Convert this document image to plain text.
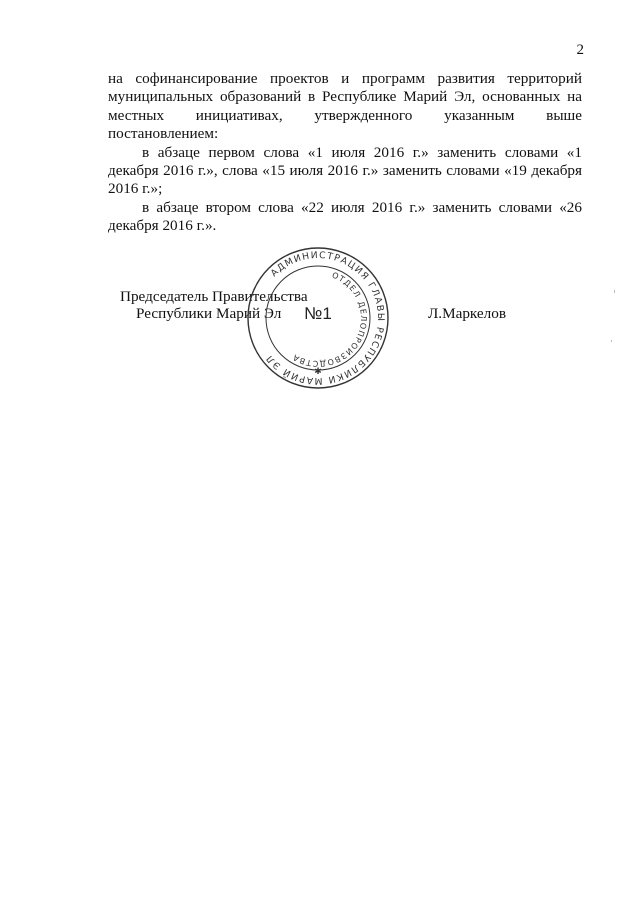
2

на софинансирование проектов и программ развития территорий муниципальных образований в Республике Марий Эл, основанных на местных инициативах, утвержденного указанным выше постановлением:

в абзаце первом слова «1 июля 2016 г.» заменить словами «1 декабря 2016 г.», слова «15 июля 2016 г.» заменить словами «19 декабря 2016 г.»;

в абзаце втором слова «22 июля 2016 г.» заменить словами «26 декабря 2016 г.».

Председатель Правительства
Республики Марий Эл
АДМИНИСТРАЦИЯ ГЛАВЫ РЕСПУБЛИКИ МАРИЙ ЭЛ
ОТДЕЛ ДЕЛОПРОИЗВОДСТВА
✱
№1	Л.Маркелов
